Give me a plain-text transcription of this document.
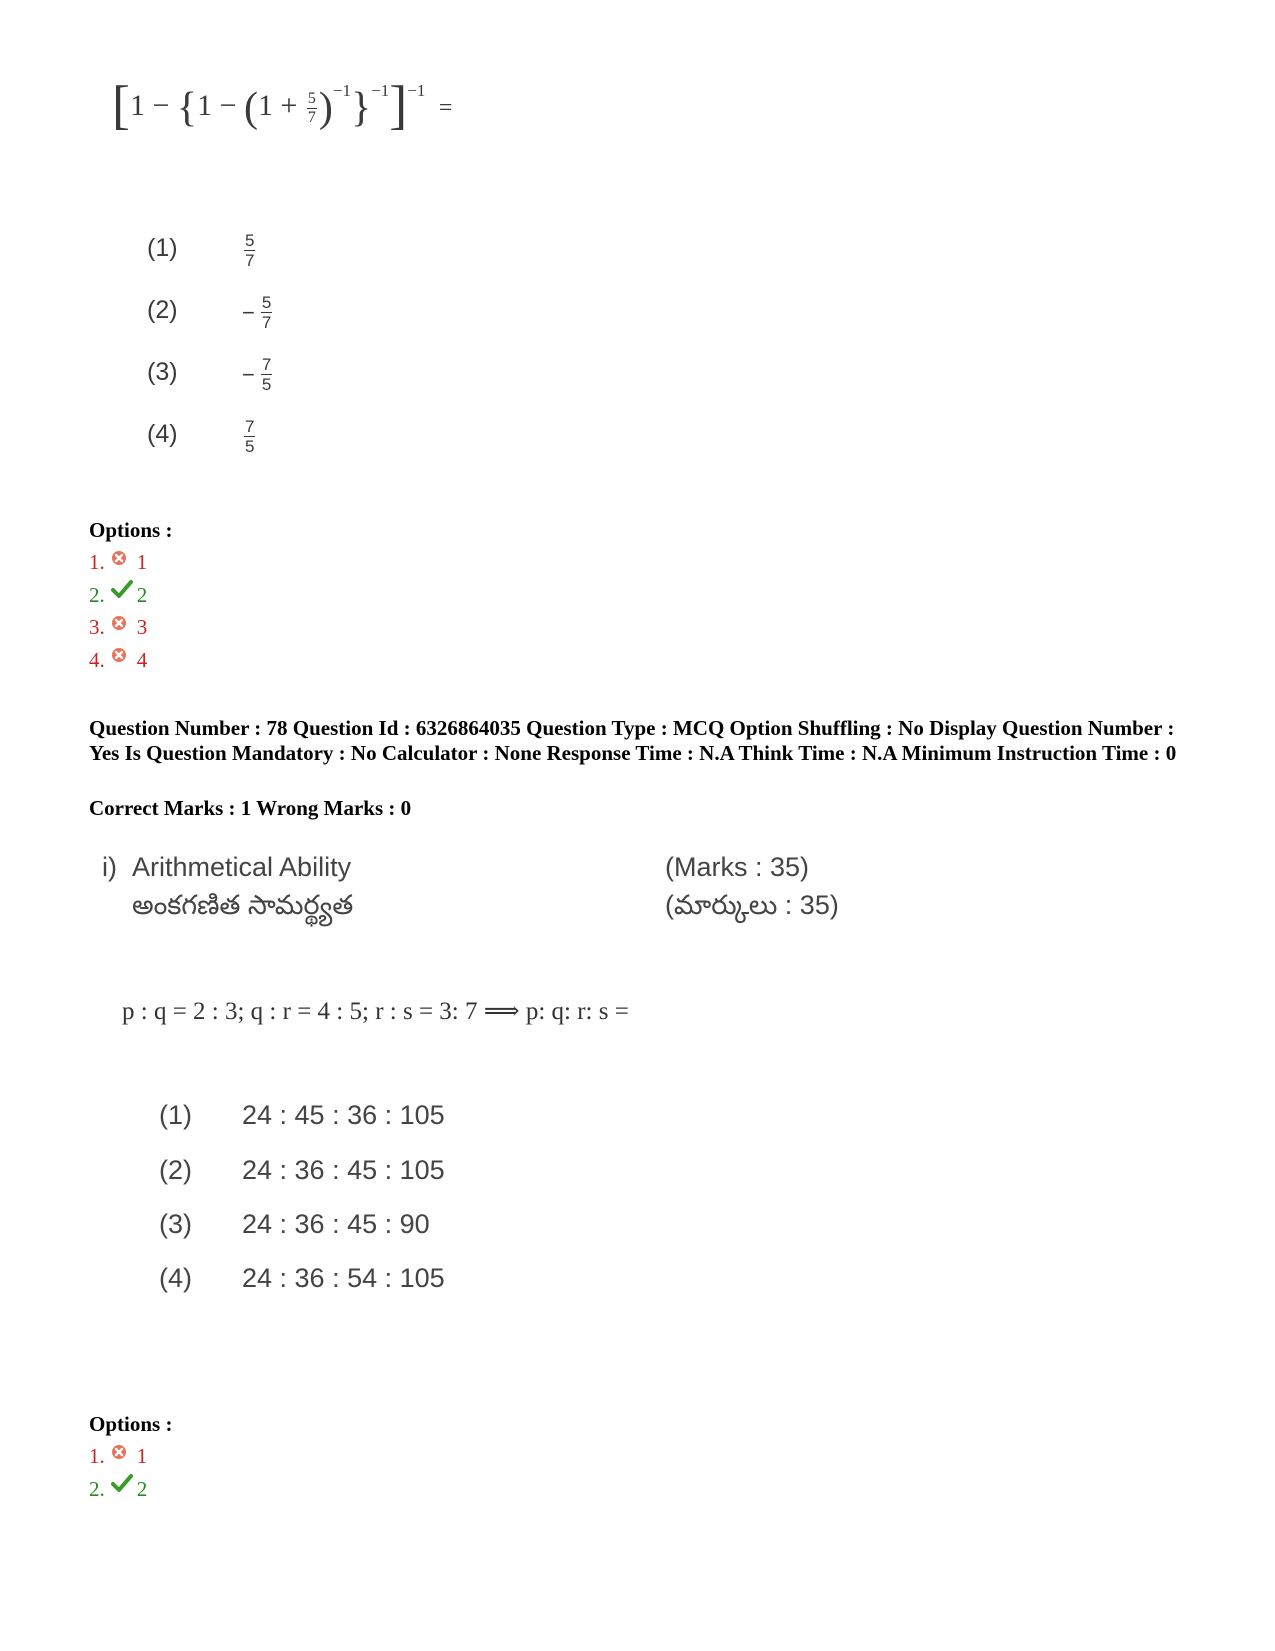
$[1 - \{1 - (1 + \frac{5}{7} )^{-1}\}^{-1}]^{-1}$ =
(1)	$\frac{5}{7}$
(2)	− $\frac{5}{7}$
(3)	− $\frac{7}{5}$
(4)	$\frac{7}{5}$
Options :
1. 1
2. 2
3. 3
4. 4
Question Number : 78 Question Id : 6326864035 Question Type : MCQ Option Shuffling : No Display Question Number : Yes Is Question Mandatory : No Calculator : None Response Time : N.A Think Time : N.A Minimum Instruction Time : 0
Correct Marks : 1 Wrong Marks : 0
i) Arithmetical Ability
అంకగణిత సామర్థ్యత
(Marks : 35)
(మార్కులు : 35)
p : q = 2 : 3; q : r = 4 : 5; r : s = 3: 7 ⟹ p: q: r: s =
(1) 24 : 45 : 36 : 105
(2) 24 : 36 : 45 : 105
(3) 24 : 36 : 45 : 90
(4) 24 : 36 : 54 : 105
Options :
1. 1
2. 2
